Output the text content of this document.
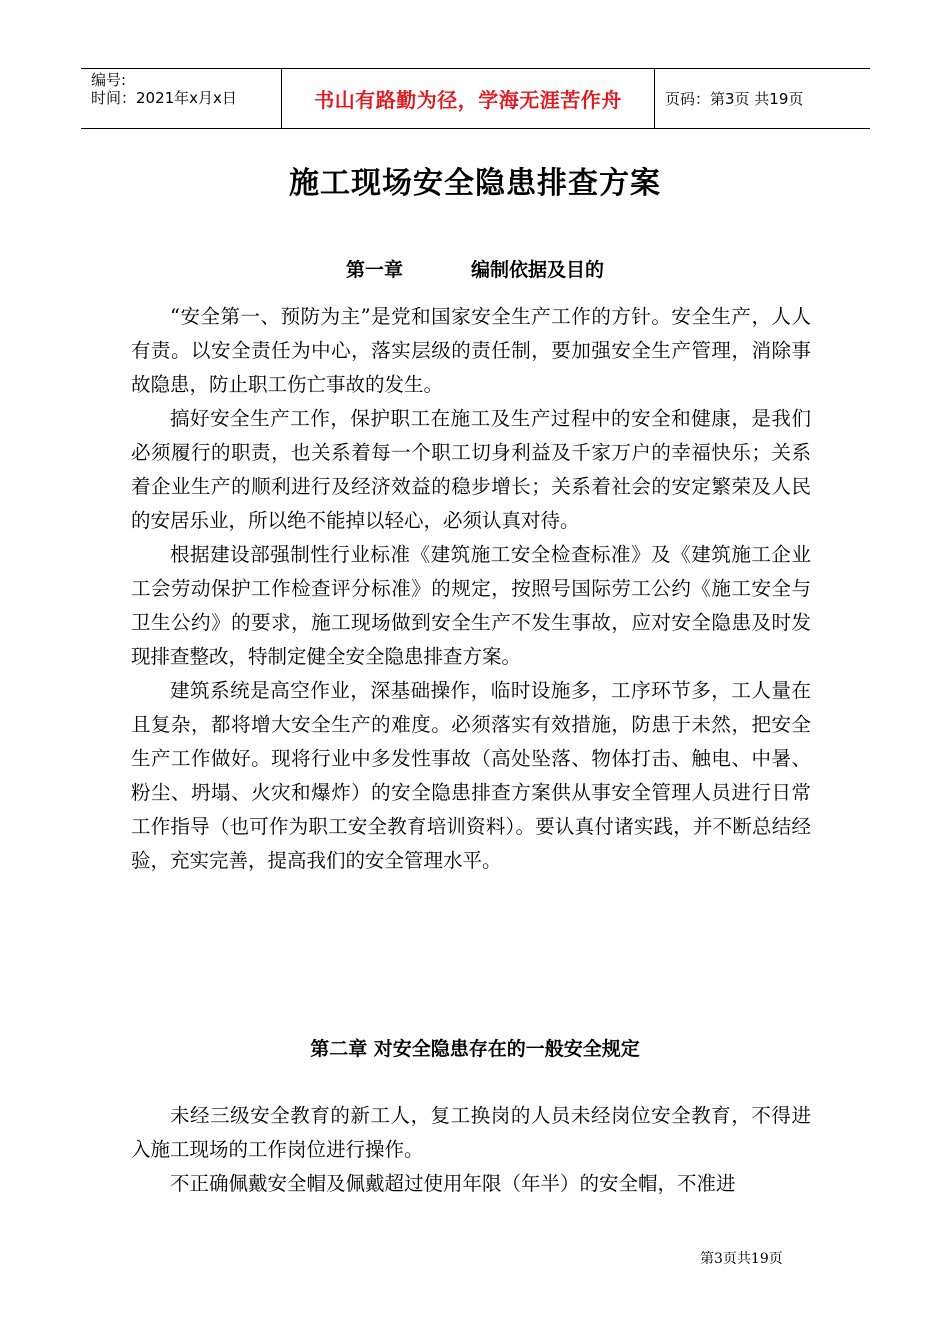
编号:
时间：2021年x月x日	书山有路勤为径，学海无涯苦作舟	页码：第3页 共19页
施工现场安全隐患排查方案
第一章	编制依据及目的

“安全第一、预防为主”是党和国家安全生产工作的方针。安全生产，人人有责。以安全责任为中心，落实层级的责任制，要加强安全生产管理，消除事故隐患，防止职工伤亡事故的发生。

搞好安全生产工作，保护职工在施工及生产过程中的安全和健康，是我们必须履行的职责，也关系着每一个职工切身利益及千家万户的幸福快乐；关系着企业生产的顺利进行及经济效益的稳步增长；关系着社会的安定繁荣及人民的安居乐业，所以绝不能掉以轻心，必须认真对待。

根据建设部强制性行业标准《建筑施工安全检查标准》及《建筑施工企业工会劳动保护工作检查评分标准》的规定，按照号国际劳工公约《施工安全与卫生公约》的要求，施工现场做到安全生产不发生事故，应对安全隐患及时发现排查整改，特制定健全安全隐患排查方案。

建筑系统是高空作业，深基础操作，临时设施多，工序环节多，工人量在且复杂，都将增大安全生产的难度。必须落实有效措施，防患于未然，把安全生产工作做好。现将行业中多发性事故（高处坠落、物体打击、触电、中暑、粉尘、坍塌、火灾和爆炸）的安全隐患排查方案供从事安全管理人员进行日常工作指导（也可作为职工安全教育培训资料）。要认真付诸实践，并不断总结经验，充实完善，提高我们的安全管理水平。

第二章 对安全隐患存在的一般安全规定

未经三级安全教育的新工人，复工换岗的人员未经岗位安全教育，不得进入施工现场的工作岗位进行操作。

不正确佩戴安全帽及佩戴超过使用年限（年半）的安全帽，不准进

第3页共19页
